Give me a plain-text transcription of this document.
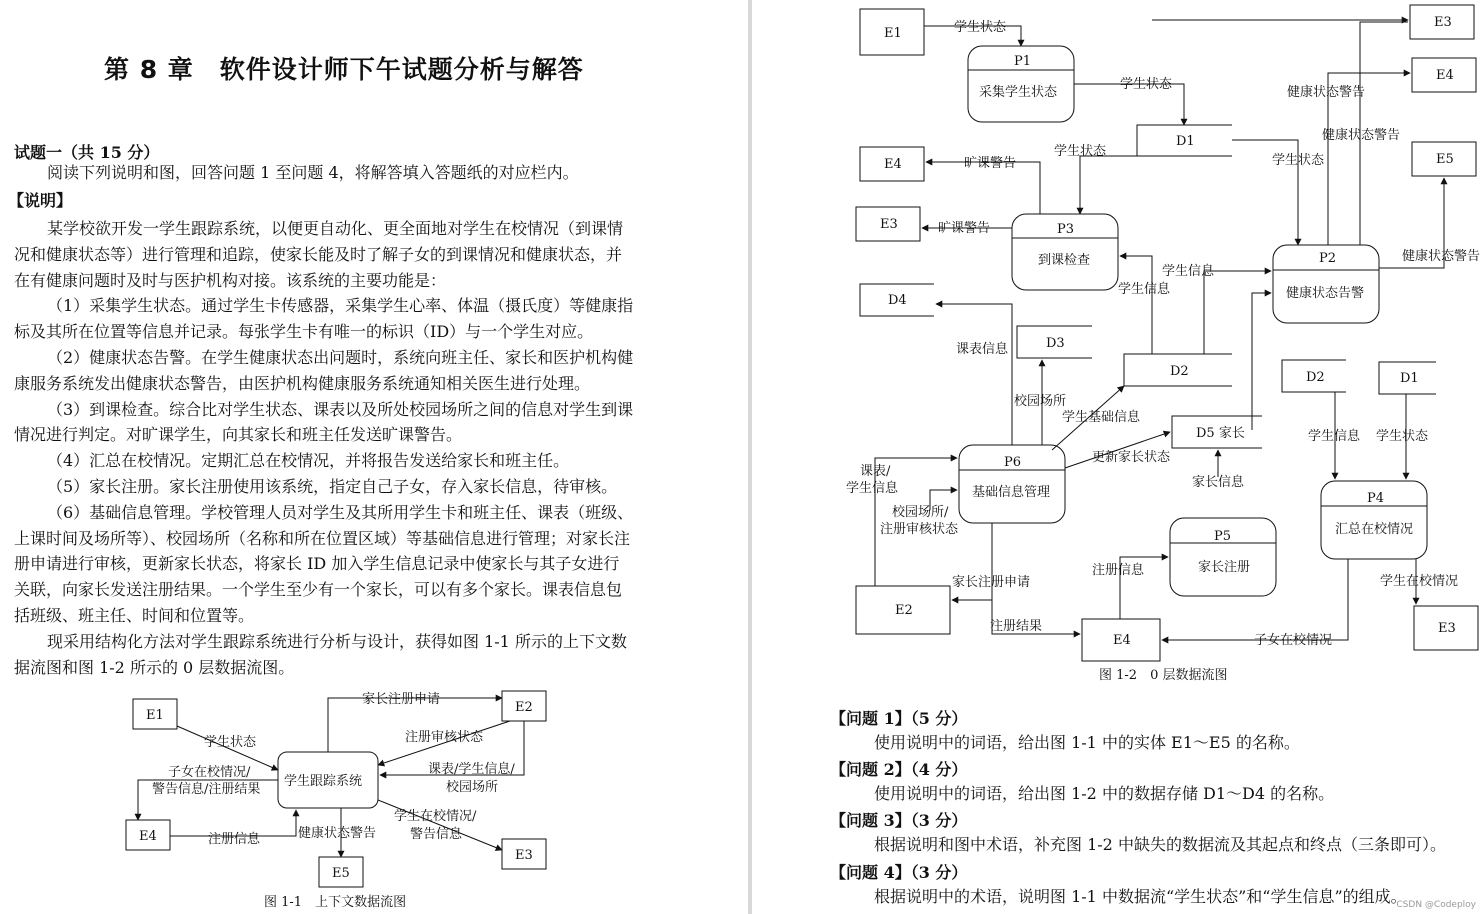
第 8 章　软件设计师下午试题分析与解答
试题一（共 15 分）
阅读下列说明和图，回答问题 1 至问题 4，将解答填入答题纸的对应栏内。
【说明】
某学校欲开发一学生跟踪系统，以便更自动化、更全面地对学生在校情况（到课情
况和健康状态等）进行管理和追踪，使家长能及时了解子女的到课情况和健康状态，并
在有健康问题时及时与医护机构对接。该系统的主要功能是：
（1）采集学生状态。通过学生卡传感器，采集学生心率、体温（摄氏度）等健康指
标及其所在位置等信息并记录。每张学生卡有唯一的标识（ID）与一个学生对应。
（2）健康状态告警。在学生健康状态出问题时，系统向班主任、家长和医护机构健
康服务系统发出健康状态警告，由医护机构健康服务系统通知相关医生进行处理。
（3）到课检查。综合比对学生状态、课表以及所处校园场所之间的信息对学生到课
情况进行判定。对旷课学生，向其家长和班主任发送旷课警告。
（4）汇总在校情况。定期汇总在校情况，并将报告发送给家长和班主任。
（5）家长注册。家长注册使用该系统，指定自己子女，存入家长信息，待审核。
（6）基础信息管理。学校管理人员对学生及其所用学生卡和班主任、课表（班级、
上课时间及场所等）、校园场所（名称和所在位置区域）等基础信息进行管理；对家长注
册申请进行审核，更新家长状态，将家长 ID 加入学生信息记录中使家长与其子女进行
关联，向家长发送注册结果。一个学生至少有一个家长，可以有多个家长。课表信息包
括班级、班主任、时间和位置等。
现采用结构化方法对学生跟踪系统进行分析与设计，获得如图 1-1 所示的上下文数
据流图和图 1-2 所示的 0 层数据流图。
E1
E2
E3
E4
E5
学生跟踪系统
学生状态
家长注册申请
注册审核状态
课表/学生信息/
校园场所
子女在校情况/
警告信息/注册结果
注册信息	健康状态警告
学生在校情况/
警告信息
图 1-1　上下文数据流图
E1
E3
E4
E5
E4
E3
E2
E4
E3
P1
采集学生状态
P3
到课检查	P2
健康状态告警
P6
基础信息管理
P5
家长注册
P4
汇总在校情况
D1
D4
D3
D2
D5 家长
D2	D1
学生状态
学生状态
学生状态
学生状态
健康状态警告
健康状态警告
健康状态警告
旷课警告
旷课警告
学生信息
学生信息
学生信息
课表信息
校园场所
学生基础信息
更新家长状态
家长信息
学生状态
课表/
学生信息
校园场所/
注册审核状态
家长注册申请
注册信息
注册结果
子女在校情况
学生在校情况
图 1-2　0 层数据流图
【问题 1】（5 分）
使用说明中的词语，给出图 1-1 中的实体 E1～E5 的名称。
【问题 2】（4 分）
使用说明中的词语，给出图 1-2 中的数据存储 D1～D4 的名称。
【问题 3】（3 分）
根据说明和图中术语，补充图 1-2 中缺失的数据流及其起点和终点（三条即可）。
【问题 4】（3 分）
根据说明中的术语，说明图 1-1 中数据流“学生状态”和“学生信息”的组成。
CSDN @Codeploy
